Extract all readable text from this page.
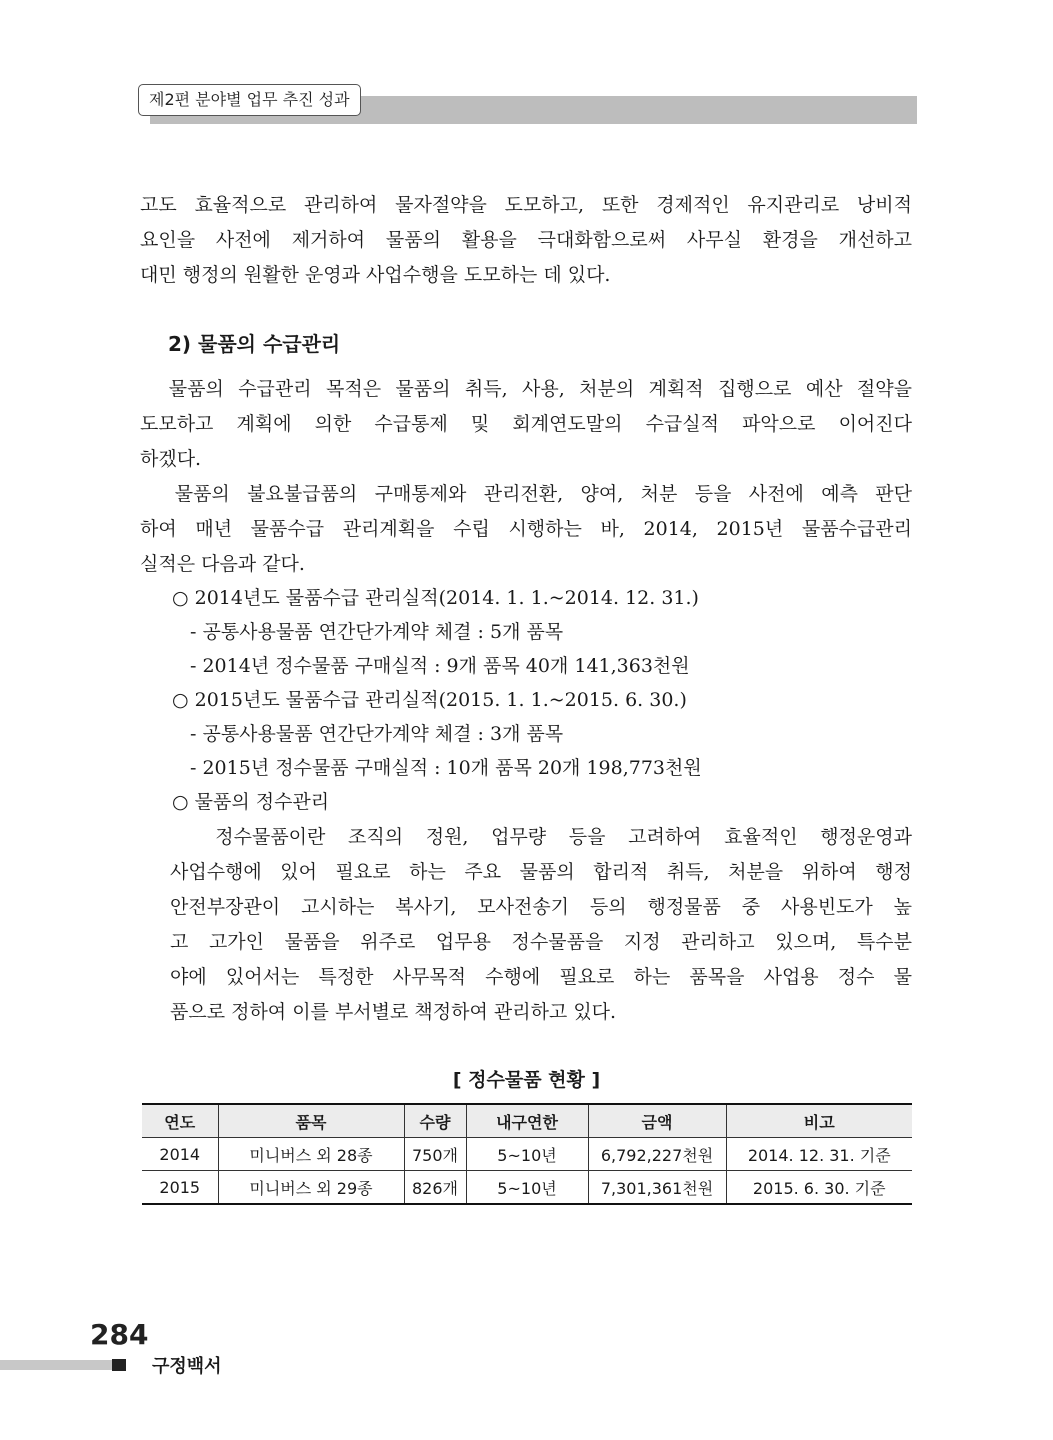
제2편 분야별 업무 추진 성과
고도 효율적으로 관리하여 물자절약을 도모하고, 또한 경제적인 유지관리로 낭비적
요인을 사전에 제거하여 물품의 활용을 극대화함으로써 사무실 환경을 개선하고
대민 행정의 원활한 운영과 사업수행을 도모하는 데 있다.
2) 물품의 수급관리
물품의 수급관리 목적은 물품의 취득, 사용, 처분의 계획적 집행으로 예산 절약을
도모하고 계획에 의한 수급통제 및 회계연도말의 수급실적 파악으로 이어진다
하겠다.
물품의 불요불급품의 구매통제와 관리전환, 양여, 처분 등을 사전에 예측 판단
하여 매년 물품수급 관리계획을 수립 시행하는 바, 2014, 2015년 물품수급관리
실적은 다음과 같다.
○ 2014년도 물품수급 관리실적(2014. 1. 1.~2014. 12. 31.)
- 공통사용물품 연간단가계약 체결 : 5개 품목
- 2014년 정수물품 구매실적 : 9개 품목 40개 141,363천원
○ 2015년도 물품수급 관리실적(2015. 1. 1.~2015. 6. 30.)
- 공통사용물품 연간단가계약 체결 : 3개 품목
- 2015년 정수물품 구매실적 : 10개 품목 20개 198,773천원
○ 물품의 정수관리
정수물품이란 조직의 정원, 업무량 등을 고려하여 효율적인 행정운영과
사업수행에 있어 필요로 하는 주요 물품의 합리적 취득, 처분을 위하여 행정
안전부장관이 고시하는 복사기, 모사전송기 등의 행정물품 중 사용빈도가 높
고 고가인 물품을 위주로 업무용 정수물품을 지정 관리하고 있으며, 특수분
야에 있어서는 특정한 사무목적 수행에 필요로 하는 품목을 사업용 정수 물
품으로 정하여 이를 부서별로 책정하여 관리하고 있다.
[ 정수물품 현황 ]
연도	품목	수량	내구연한	금액	비고
2014	미니버스 외 28종	750개	5~10년	6,792,227천원	2014. 12. 31. 기준
2015	미니버스 외 29종	826개	5~10년	7,301,361천원	2015. 6. 30. 기준
284
구정백서
